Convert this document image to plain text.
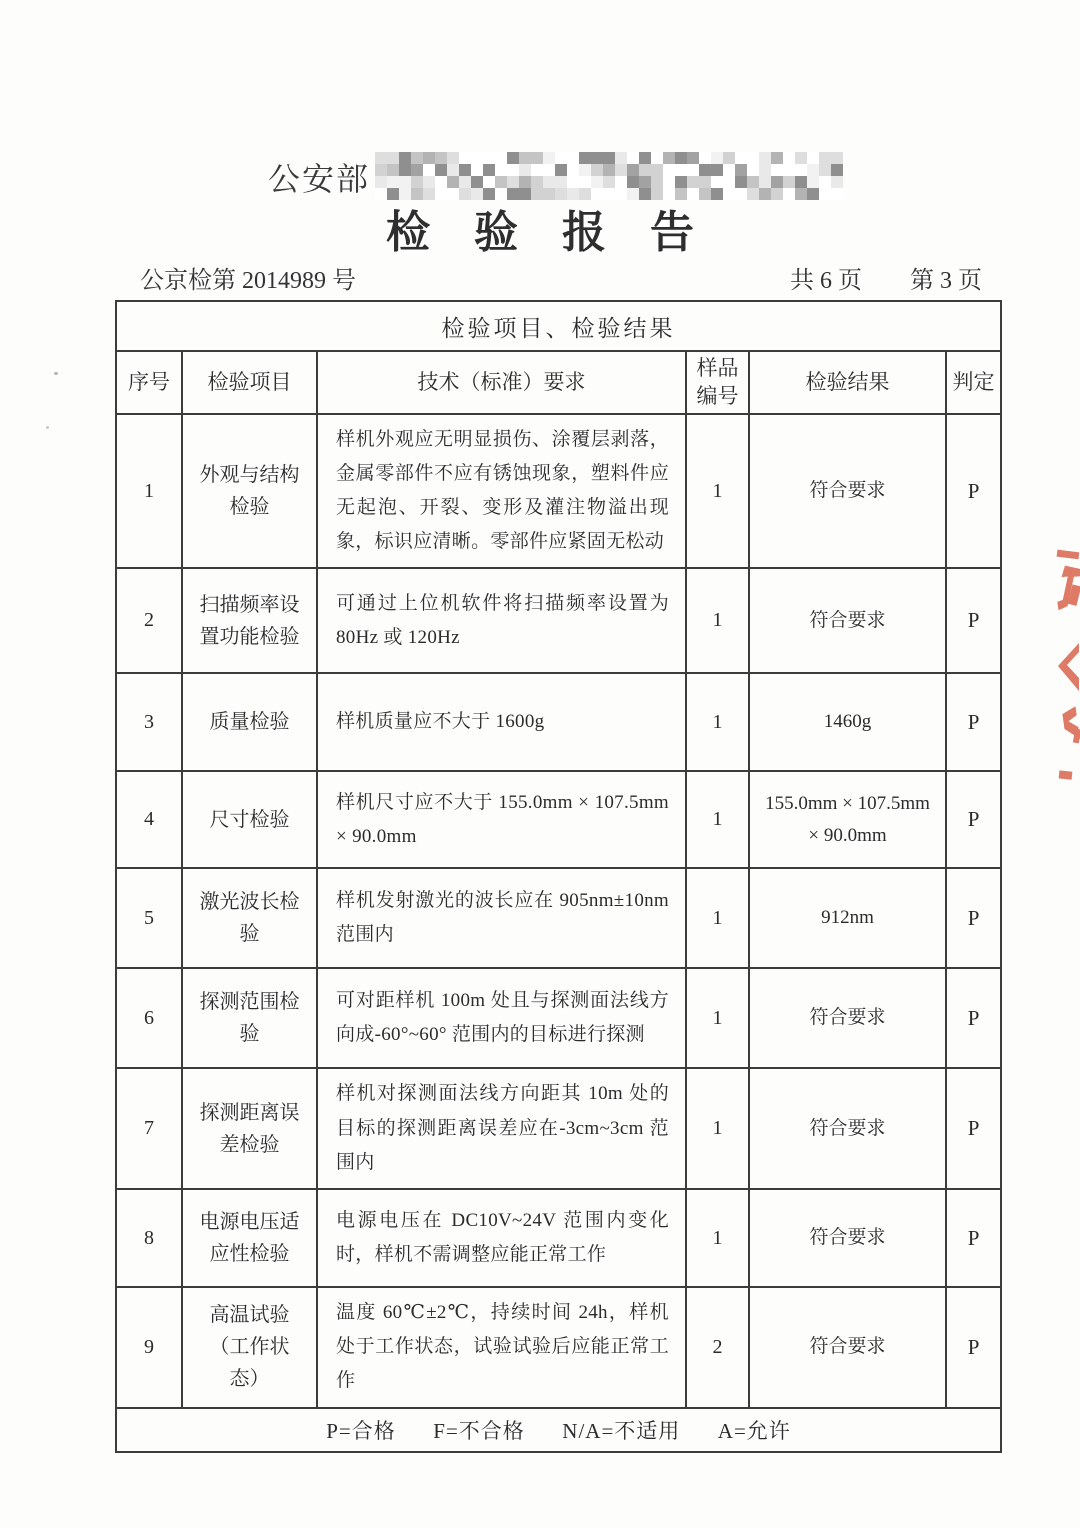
公安部
检　验　报　告
公京检第 2014989 号	共 6 页 第 3 页
检验项目、检验结果					
序号	检验项目	技术（标准）要求	样品编号	检验结果	判定
1	外观与结构检验	样机外观应无明显损伤、涂覆层剥落，金属零部件不应有锈蚀现象，塑料件应无起泡、开裂、变形及灌注物溢出现象，标识应清晰。零部件应紧固无松动	1	符合要求	P
2	扫描频率设置功能检验	可通过上位机软件将扫描频率设置为 80Hz 或 120Hz	1	符合要求	P
3	质量检验	样机质量应不大于 1600g	1	1460g	P
4	尺寸检验	样机尺寸应不大于 155.0mm × 107.5mm × 90.0mm	1	155.0mm × 107.5mm × 90.0mm	P
5	激光波长检验	样机发射激光的波长应在 905nm±10nm 范围内	1	912nm	P
6	探测范围检验	可对距样机 100m 处且与探测面法线方向成-60°~60° 范围内的目标进行探测	1	符合要求	P
7	探测距离误差检验	样机对探测面法线方向距其 10m 处的目标的探测距离误差应在-3cm~3cm 范围内	1	符合要求	P
8	电源电压适应性检验	电源电压在 DC10V~24V 范围内变化时，样机不需调整应能正常工作	1	符合要求	P
9	高温试验（工作状态）	温度 60℃±2℃，持续时间 24h，样机处于工作状态，试验试验后应能正常工作	2	符合要求	P
P=合格      F=不合格      N/A=不适用      A=允许					
